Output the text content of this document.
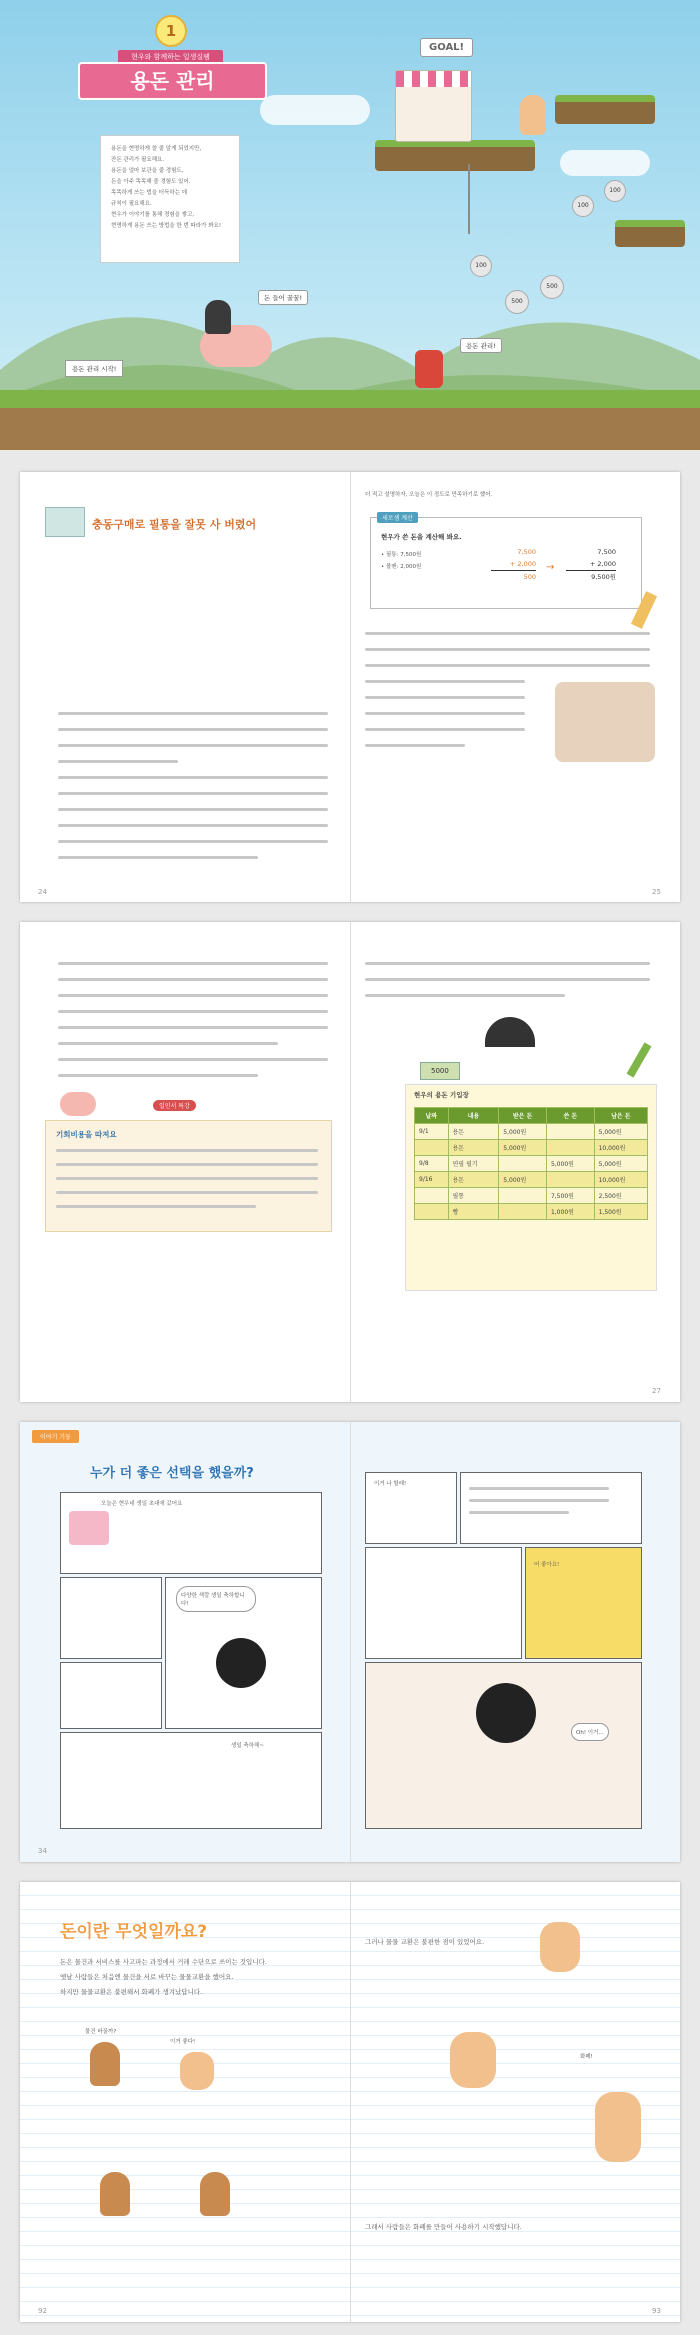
GOAL!
100
100
500
500
100
1
현우와 함께하는 일생실팸
용돈 관리
용돈을 현명하게 쓸 줄 알게 되었지만,
잔돈 관리가 필요해요.
용돈을 얼마 보관을 줄 경험도,
돈을 아주 똑똑해 줄 경험도 있어.
똑똑하게 쓰는 법을 터득하는 데
규칙이 필요해요.
현우가 이야기를 통해 경험을 쌓고,
현명하게 용돈 쓰는 방법을 한 번 따라가 봐요!
돈 들어 꿀꿀!
용돈 관리 시작!
용돈 관리!
충동구매로 필통을 잘못 사 버렸어
24
더 적고 설명하자, 오늘은 이 정도로 만족하기로 했어.
세로셈 계산
현우가 쓴 돈을 계산해 봐요.
• 필통: 7,500원
• 볼펜: 2,000원
7,500
+ 2,000
500
→
7,500
+ 2,000
9,500원
25
일인서 특강
기회비용을 따져요
5000
현우의 용돈 기입장
날짜	내용	받은 돈	쓴 돈	남은 돈
9/1	용돈	5,000원		5,000원
	용돈	5,000원		10,000원
9/8	연필 필기		5,000원	5,000원
9/16	용돈	5,000원		10,000원
	필통		7,500원	2,500원
	빵		1,000원	1,500원
27
이야기 기둥
누가 더 좋은 선택을 했을까?
오늘은 현우네 생일 초대에 갔어요
다양한 색깔 생일 축하합니다!
생일 축하해~
이거 나 할래!
어 좋아요!
Oh! 이거...
34
돈이란 무엇일까요?
돈은 물건과 서비스를 사고파는 과정에서 거래 수단으로 쓰이는 것입니다.
옛날 사람들은 처음엔 물건을 서로 바꾸는 물물교환을 했어요.
하지만 물물교환은 불편해서 화폐가 생겨났답니다.
물건 바꿀까?
이거 좋다!
그러나 물물 교환은 불편한 점이 있었어요.
화폐!
그래서 사람들은 화폐를 만들어 사용하기 시작했답니다.
92	93
